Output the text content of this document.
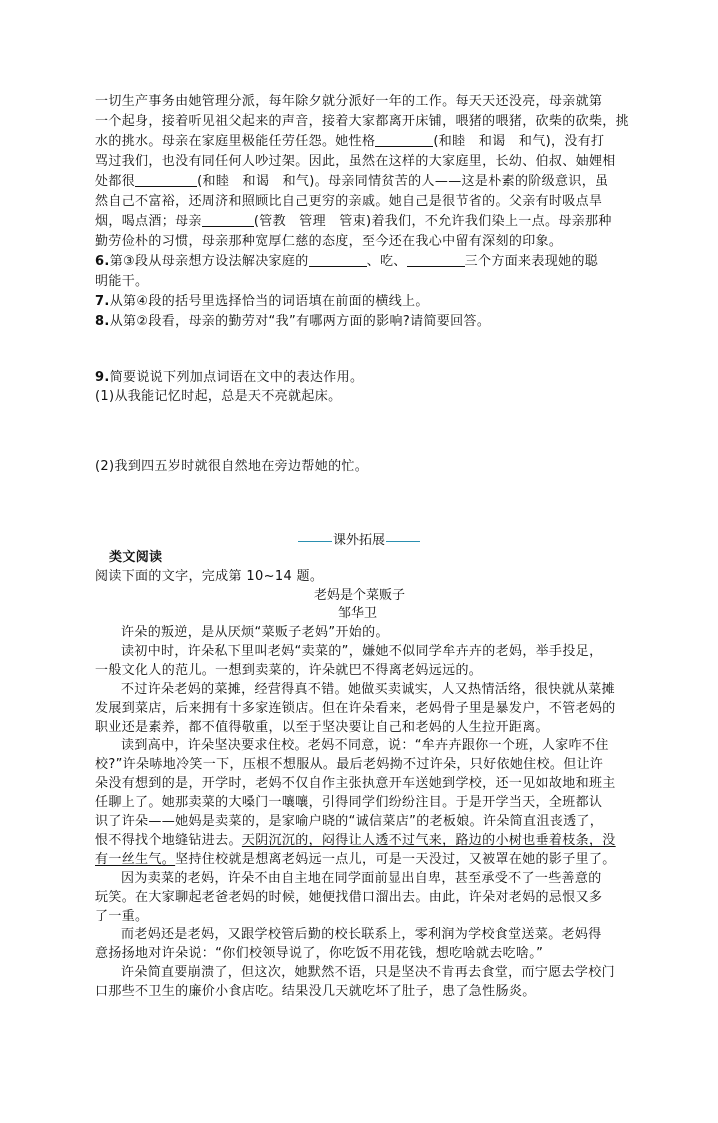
一切生产事务由她管理分派，每年除夕就分派好一年的工作。每天天还没亮，母亲就第
一个起身，接着听见祖父起来的声音，接着大家都离开床铺，喂猪的喂猪，砍柴的砍柴，挑
水的挑水。母亲在家庭里极能任劳任怨。她性格	(和睦　和谒　和气)，没有打
骂过我们，也没有同任何人吵过架。因此，虽然在这样的大家庭里，长幼、伯叔、妯娌相
处都很	(和睦　和谒　和气)。母亲同情贫苦的人——这是朴素的阶级意识，虽
然自己不富裕，还周济和照顾比自己更穷的亲戚。她自己是很节省的。父亲有时吸点旱
烟，喝点酒；母亲	(管教　管理　管束)着我们，不允许我们染上一点。母亲那种
勤劳俭朴的习惯，母亲那种宽厚仁慈的态度，至今还在我心中留有深刻的印象。
6.第③段从母亲想方设法解决家庭的	、吃、	三个方面来表现她的聪
明能干。
7.从第④段的括号里选择恰当的词语填在前面的横线上。
8.从第②段看，母亲的勤劳对“我”有哪两方面的影响?请简要回答。
9.简要说说下列加点词语在文中的表达作用。
(1)从我能记忆时起，总是天不亮就起床。
(2)我到四五岁时就很自然地在旁边帮她的忙。
课外拓展
类文阅读
阅读下面的文字，完成第 10~14 题。
老妈是个菜贩子
邹华卫
许朵的叛逆，是从厌烦“菜贩子老妈”开始的。
读初中时，许朵私下里叫老妈“卖菜的”，嫌她不似同学牟卉卉的老妈，举手投足，
一般文化人的范儿。一想到卖菜的，许朵就巴不得离老妈远远的。
不过许朵老妈的菜摊，经营得真不错。她做买卖诚实，人又热情活络，很快就从菜摊
发展到菜店，后来拥有十多家连锁店。但在许朵看来，老妈骨子里是暴发户，不管老妈的
职业还是素养，都不值得敬重，以至于坚决要让自己和老妈的人生拉开距离。
读到高中，许朵坚决要求住校。老妈不同意，说：“牟卉卉跟你一个班，人家咋不住
校?”许朵哧地冷笑一下，压根不想服从。最后老妈拗不过许朵，只好依她住校。但让许
朵没有想到的是，开学时，老妈不仅自作主张执意开车送她到学校，还一见如故地和班主
任聊上了。她那卖菜的大嗓门一嚷嚷，引得同学们纷纷注目。于是开学当天，全班都认
识了许朵——她妈是卖菜的，是家喻户晓的“诚信菜店”的老板娘。许朵简直沮丧透了，
恨不得找个地缝钻进去。天阴沉沉的，闷得让人透不过气来，路边的小树也垂着枝条，没
有一丝生气。坚持住校就是想离老妈远一点儿，可是一天没过，又被罩在她的影子里了。
因为卖菜的老妈，许朵不由自主地在同学面前显出自卑，甚至承受不了一些善意的
玩笑。在大家聊起老爸老妈的时候，她便找借口溜出去。由此，许朵对老妈的忌恨又多
了一重。
而老妈还是老妈，又跟学校管后勤的校长联系上，零利润为学校食堂送菜。老妈得
意扬扬地对许朵说：“你们校领导说了，你吃饭不用花钱，想吃啥就去吃啥。”
许朵简直要崩溃了，但这次，她默然不语，只是坚决不肯再去食堂，而宁愿去学校门
口那些不卫生的廉价小食店吃。结果没几天就吃坏了肚子，患了急性肠炎。
